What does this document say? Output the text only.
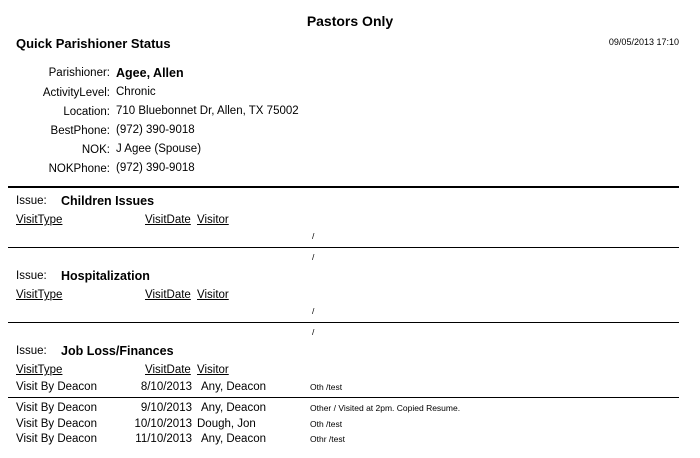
Pastors Only
Quick Parishioner Status	09/05/2013 17:10
Parishioner: Agee, Allen
ActivityLevel: Chronic
Location: 710 Bluebonnet Dr, Allen, TX 75002
BestPhone: (972) 390-9018
NOK: J Agee (Spouse)
NOKPhone: (972) 390-9018
Issue: Children Issues
VisitType	VisitDate Visitor
/
/
Issue: Hospitalization
VisitType	VisitDate Visitor
/
/
Issue: Job Loss/Finances
VisitType	VisitDate Visitor
Visit By Deacon	8/10/2013 Any, Deacon	Oth /test
Visit By Deacon	9/10/2013 Any, Deacon	Other / Visited at 2pm. Copied Resume.
Visit By Deacon	10/10/2013 Dough, Jon	Oth /test
Visit By Deacon	11/10/2013 Any, Deacon	Othr /test
